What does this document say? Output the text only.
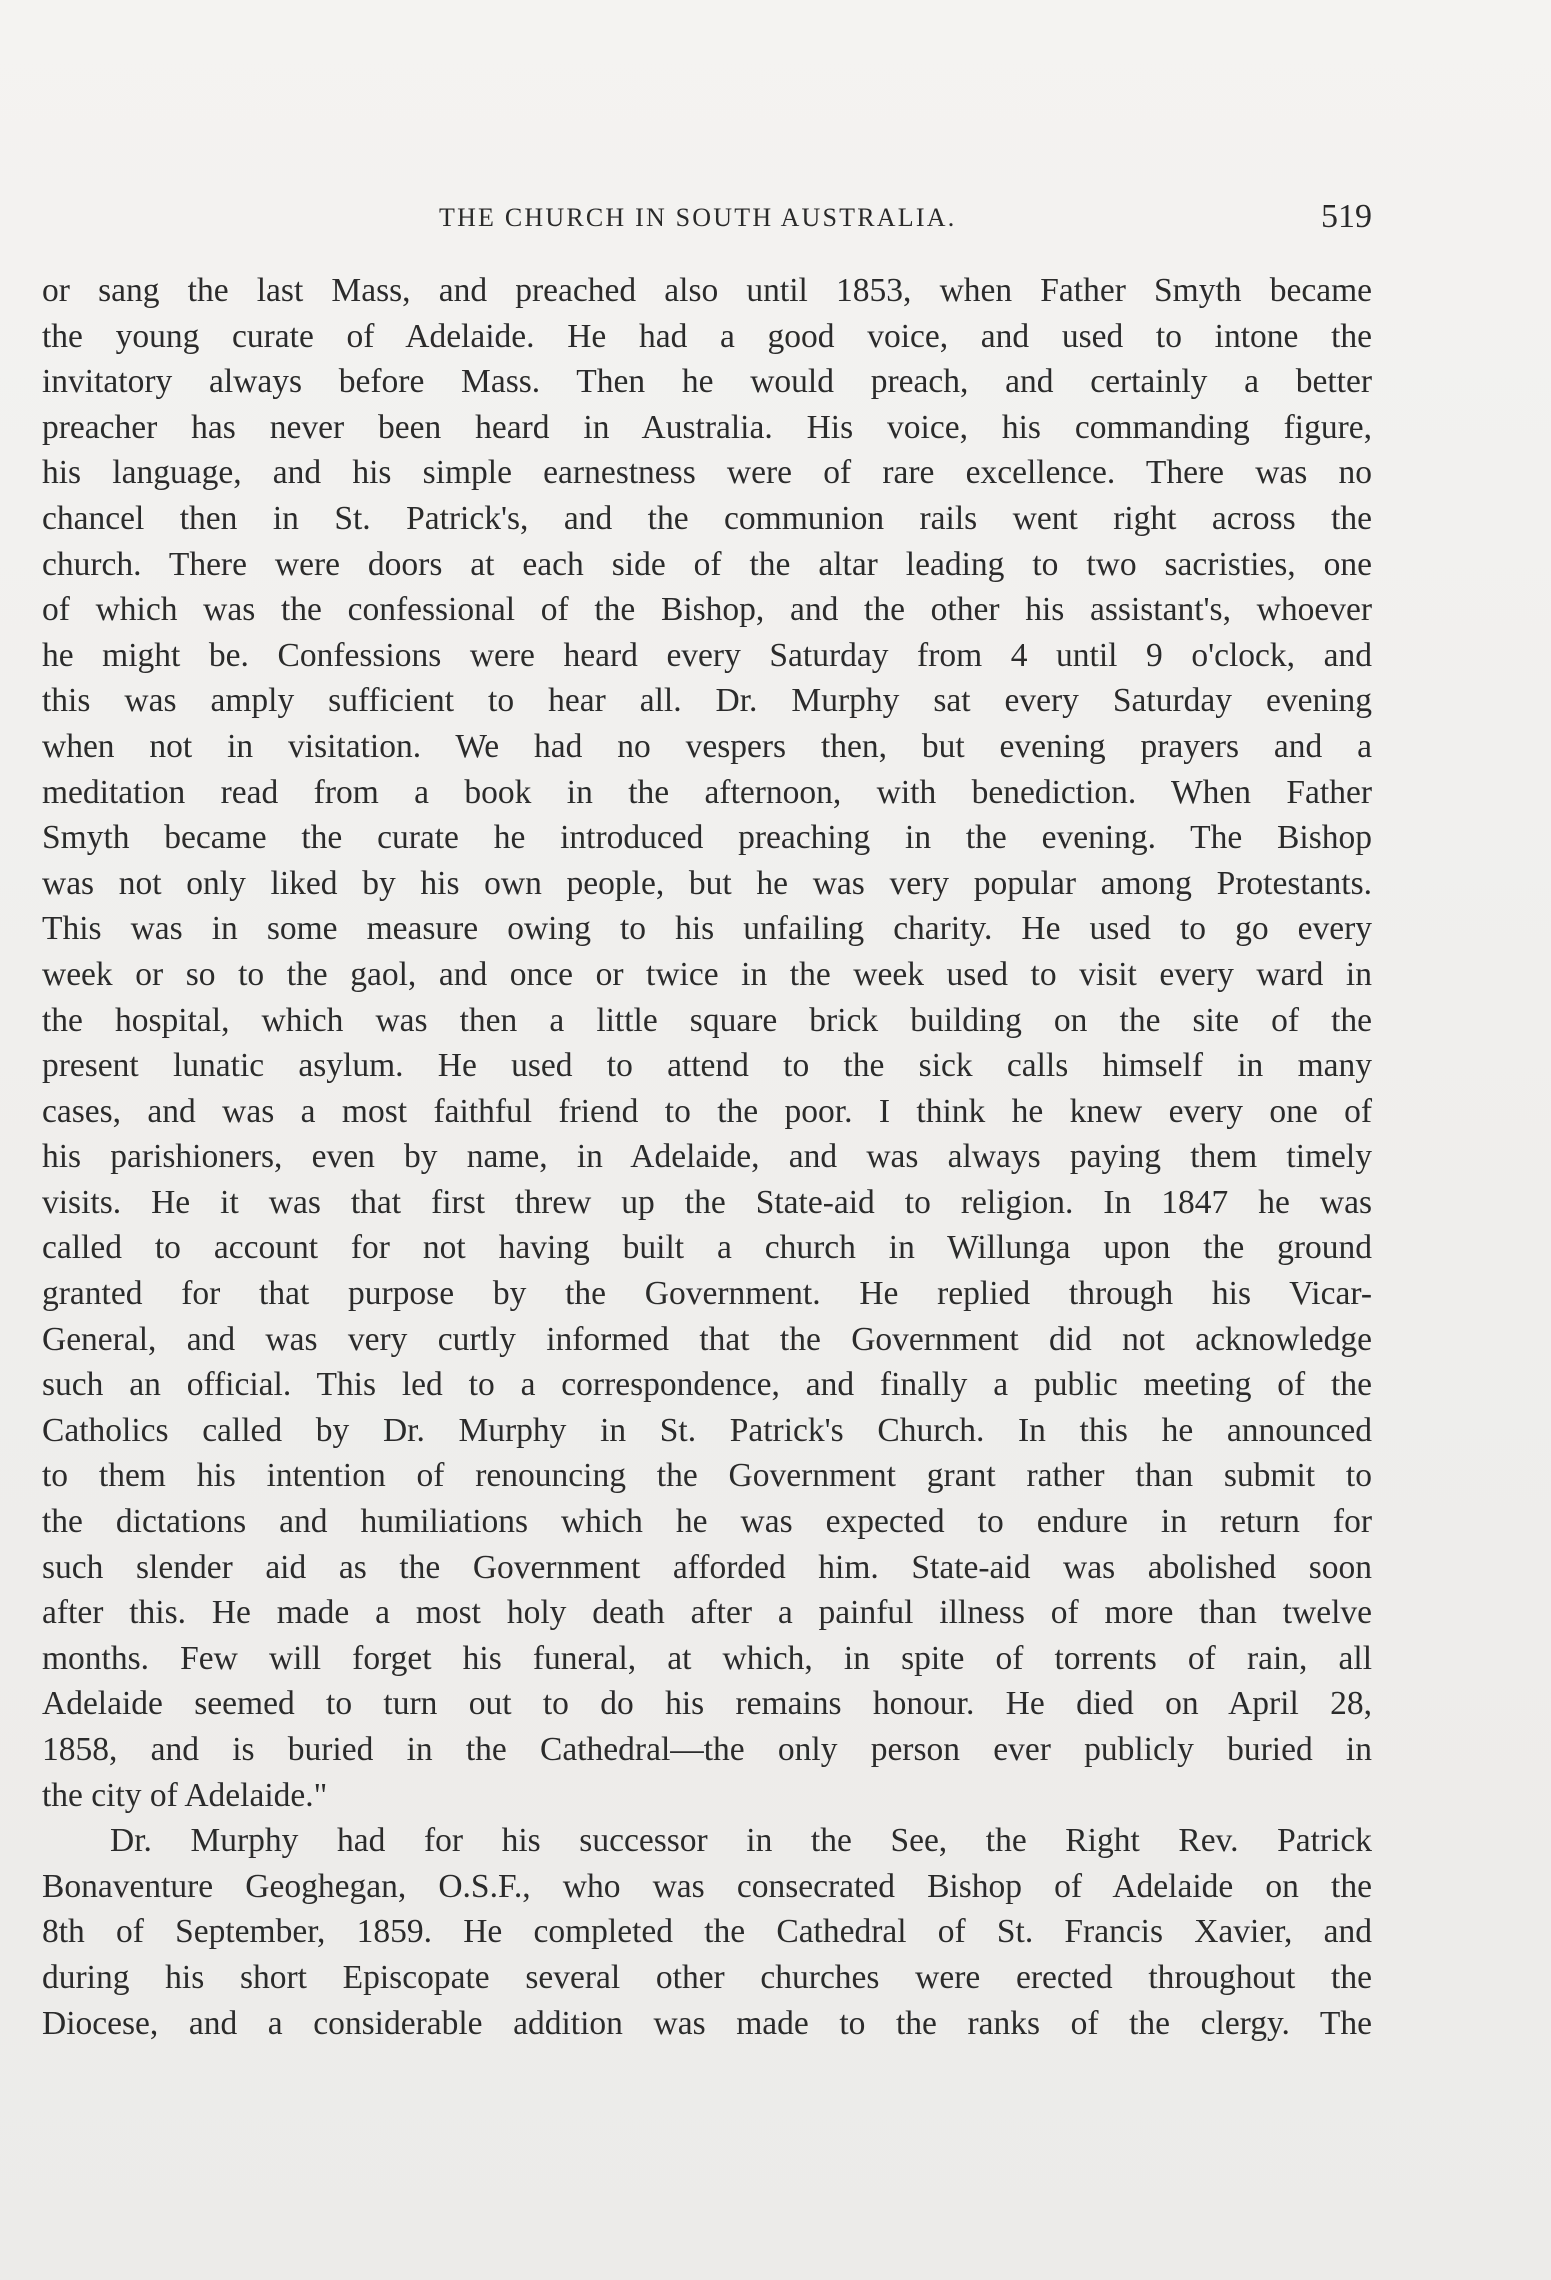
THE CHURCH IN SOUTH AUSTRALIA.	519
or sang the last Mass, and preached also until 1853, when Father Smyth became
the young curate of Adelaide. He had a good voice, and used to intone the
invitatory always before Mass. Then he would preach, and certainly a better
preacher has never been heard in Australia. His voice, his commanding figure,
his language, and his simple earnestness were of rare excellence. There was no
chancel then in St. Patrick's, and the communion rails went right across the
church. There were doors at each side of the altar leading to two sacristies, one
of which was the confessional of the Bishop, and the other his assistant's, whoever
he might be. Confessions were heard every Saturday from 4 until 9 o'clock, and
this was amply sufficient to hear all. Dr. Murphy sat every Saturday evening
when not in visitation. We had no vespers then, but evening prayers and a
meditation read from a book in the afternoon, with benediction. When Father
Smyth became the curate he introduced preaching in the evening. The Bishop
was not only liked by his own people, but he was very popular among Protestants.
This was in some measure owing to his unfailing charity. He used to go every
week or so to the gaol, and once or twice in the week used to visit every ward in
the hospital, which was then a little square brick building on the site of the
present lunatic asylum. He used to attend to the sick calls himself in many
cases, and was a most faithful friend to the poor. I think he knew every one of
his parishioners, even by name, in Adelaide, and was always paying them timely
visits. He it was that first threw up the State-aid to religion. In 1847 he was
called to account for not having built a church in Willunga upon the ground
granted for that purpose by the Government. He replied through his Vicar-
General, and was very curtly informed that the Government did not acknowledge
such an official. This led to a correspondence, and finally a public meeting of the
Catholics called by Dr. Murphy in St. Patrick's Church. In this he announced
to them his intention of renouncing the Government grant rather than submit to
the dictations and humiliations which he was expected to endure in return for
such slender aid as the Government afforded him. State-aid was abolished soon
after this. He made a most holy death after a painful illness of more than twelve
months. Few will forget his funeral, at which, in spite of torrents of rain, all
Adelaide seemed to turn out to do his remains honour. He died on April 28,
1858, and is buried in the Cathedral—the only person ever publicly buried in
the city of Adelaide."
Dr. Murphy had for his successor in the See, the Right Rev. Patrick
Bonaventure Geoghegan, O.S.F., who was consecrated Bishop of Adelaide on the
8th of September, 1859. He completed the Cathedral of St. Francis Xavier, and
during his short Episcopate several other churches were erected throughout the
Diocese, and a considerable addition was made to the ranks of the clergy. The
